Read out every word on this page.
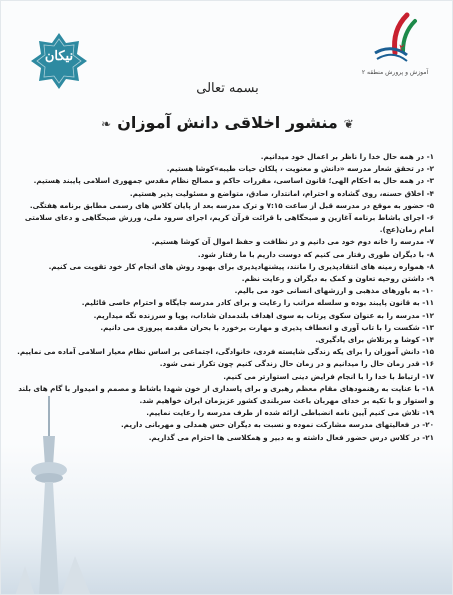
نیکان
۲
آموزش و پرورش منطقه ۲
بسمه تعالی
❦منشور اخلاقی دانش آموزان❧
۱- در همه حال خدا را ناظر بر اعمال خود میدانیم.
۲- در تحقق شعار مدرسه «دانش و معنویت ، پلکان حیات طیبه»کوشا هستیم.
۳- در همه حال به احکام الهی؛ قانون اساسی، مقررات حاکم و مصالح نظام مقدس جمهوری اسلامی پایبند هستیم.
۴- اخلاق حسنه، روی گشاده و احترام، امانتدار، صادق، متواضع و مسئولیت پذیر هستیم.
۵- حضور به موقع در مدرسه قبل از ساعت ۷:۱۵ و ترک مدرسه بعد از پایان کلاس های رسمی مطابق برنامه هفتگی.
۶- اجرای باشاط برنامه آغازین و صبحگاهی با قرائت قرآن کریم، اجرای سرود ملی، ورزش صبحگاهی و دعای سلامتی امام زمان(عج).
۷- مدرسه را خانه دوم خود می دانیم و در نظافت و حفظ اموال آن کوشا هستیم.
۸- با دیگران طوری رفتار می کنیم که دوست داریم با ما رفتار شود.
۸- همواره زمینه های انتقادپذیری را مانند، پیشنهادپذیری برای بهبود روش های انجام کار خود تقویت می کنیم.
۹- داشتن روحیه تعاون و کمک به دیگران و رعایت نظم.
۱۰- به باورهای مذهبی و ارزشهای انسانی خود می بالیم.
۱۱- به قانون پایبند بوده و سلسله مراتب را رعایت و برای کادر مدرسه جایگاه و احترام خاصی قائلیم.
۱۲- مدرسه را به عنوان سکوی پرتاب به سوی اهداف بلندمدان شاداب، پویا و سرزنده نگه میداریم.
۱۳- شکست را با تاب آوری و انعطاف پذیری و مهارت برخورد با بحران مقدمه پیروزی می دانیم.
۱۴- کوشا و پرتلاش برای یادگیری.
۱۵- دانش آموزان را برای یکه زندگی شایسته فردی، خانوادگی، اجتماعی بر اساس نظام معیار اسلامی آماده می نماییم.
۱۶- قدر زمان حال را میدانیم و در زمان حال زندگی کنیم چون تکرار نمی شود.
۱۷- ارتباط با خدا را با انجام فرایض دینی استوارتر می کنیم.
۱۸- با عنایت به رهنمودهای مقام معظم رهبری و برای پاسداری از خون شهدا باشاط و مصمم و امیدوار با گام های بلند و استوار و با تکیه بر خدای مهربان باعث سربلندی کشور عزیزمان ایران خواهیم شد.
۱۹- تلاش می کنیم آیین نامه انضباطی ارائه شده از طرف مدرسه را رعایت نماییم.
۲۰- در فعالیتهای مدرسه مشارکت نموده و نسبت به دیگران حس همدلی و مهربانی داریم.
۲۱- در کلاس درس حضور فعال داشته و به دبیر و همکلاسی ها احترام می گذاریم.
